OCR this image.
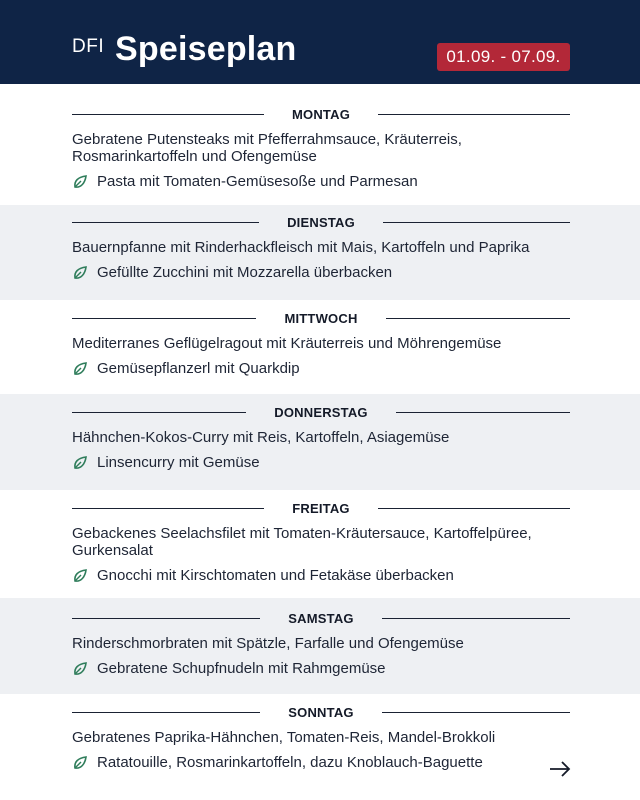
DFI Speiseplan	01.09. - 07.09.
MONTAG
Gebratene Putensteaks mit Pfefferrahmsauce, Kräuterreis, Rosmarinkartoffeln und Ofengemüse
Pasta mit Tomaten-Gemüsesoße und Parmesan
DIENSTAG
Bauernpfanne mit Rinderhackfleisch mit Mais, Kartoffeln und Paprika
Gefüllte Zucchini mit Mozzarella überbacken
MITTWOCH
Mediterranes Geflügelragout mit Kräuterreis und Möhrengemüse
Gemüsepflanzerl mit Quarkdip
DONNERSTAG
Hähnchen-Kokos-Curry mit Reis, Kartoffeln, Asiagemüse
Linsencurry mit Gemüse
FREITAG
Gebackenes Seelachsfilet mit Tomaten-Kräutersauce, Kartoffelpüree, Gurkensalat
Gnocchi mit Kirschtomaten und Fetakäse überbacken
SAMSTAG
Rinderschmorbraten mit Spätzle, Farfalle und Ofengemüse
Gebratene Schupfnudeln mit Rahmgemüse
SONNTAG
Gebratenes Paprika-Hähnchen, Tomaten-Reis, Mandel-Brokkoli
Ratatouille, Rosmarinkartoffeln, dazu Knoblauch-Baguette
